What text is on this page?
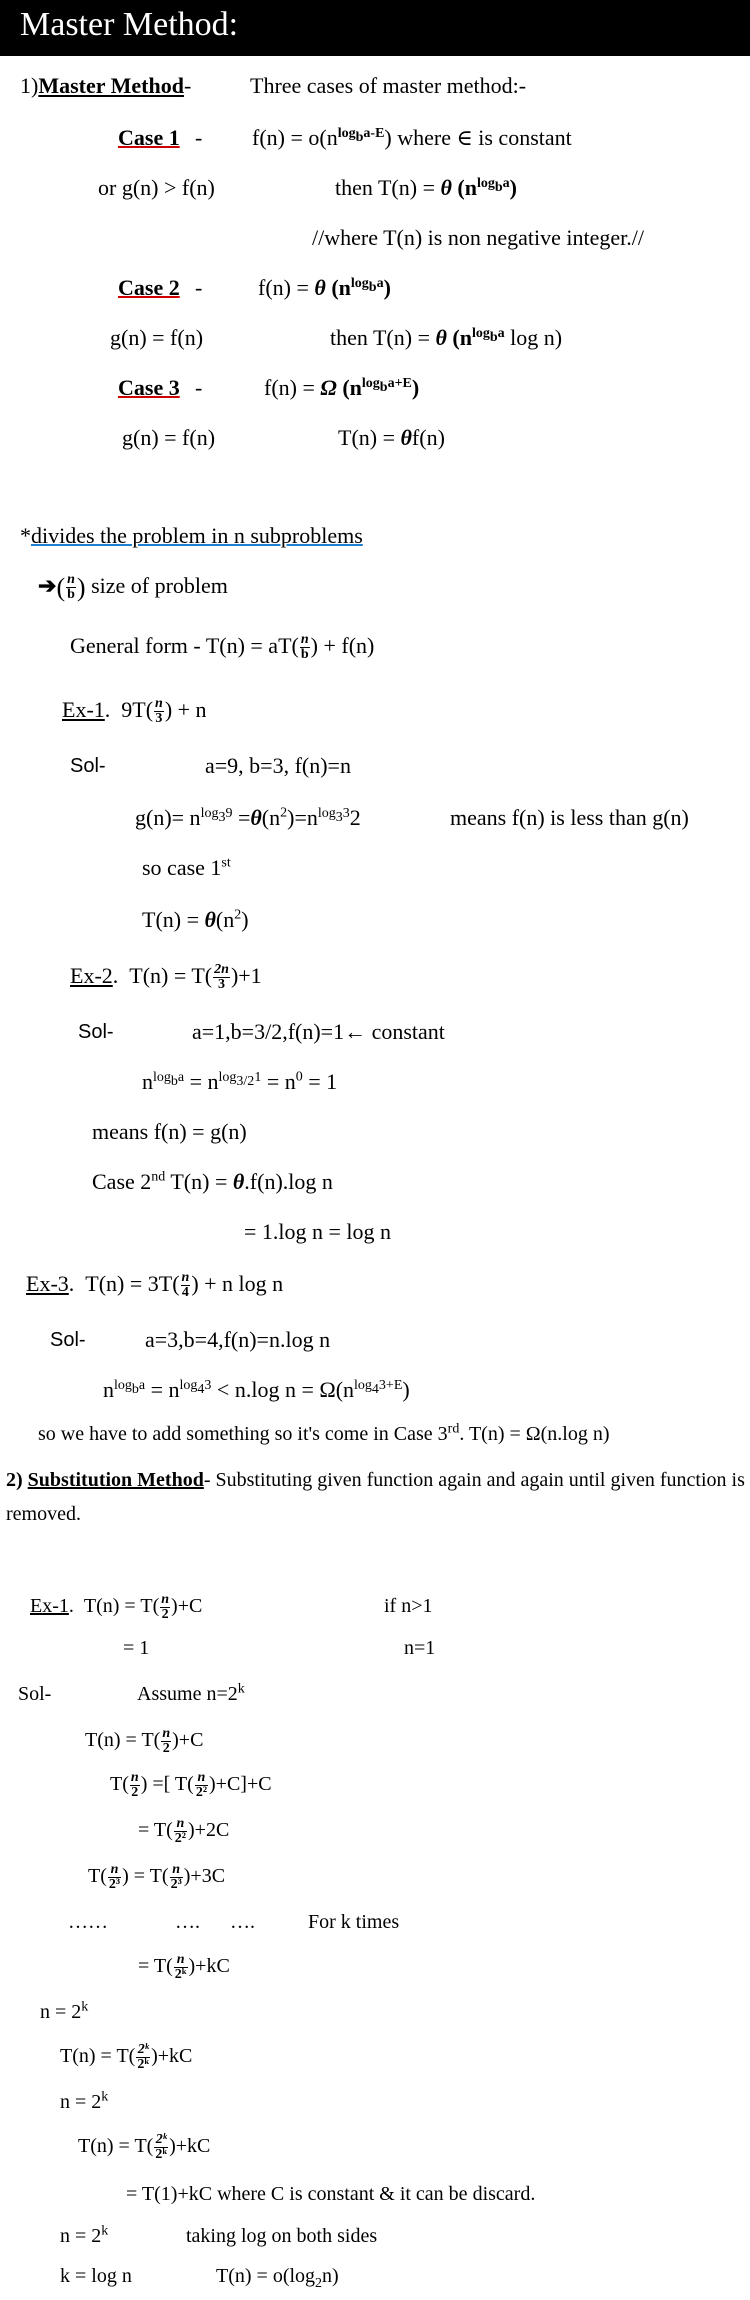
Master Method:
1)Master Method-	Three cases of master method:-
Case $1 - f(n) = o(n^{log_ba-E})$ where ∈ is constant
or g(n) > f(n)	then T(n) = θ $(n^{log_ba})$
//where T(n) is non negative integer.//
Case 2 -	f(n) = θ $(n^{log_ba})$
g(n) = f(n)	then T(n) = θ ($n^{log_ba}$ log n)
Case 3 -	f(n) = Ω $(n^{log_ba+E})$
g(n) = f(n)	T(n) = θf(n)
*divides the problem in n subproblems
➔( $\frac{n}{b}$ ) size of problem
General form - $T(n) = aT( \frac{n}{b}$ ) + f(n)
Ex-1. $9T( \frac{n}{3}$ ) + n
Sol-	a=9, b=3, f(n)=n
$g(n)= n^{log_39} =\theta(n^2)=n^{log_33}2$	means f(n) is less than g(n)
so case 1st
$T(n) = \theta(n^2)$
Ex-2. $T(n) = T( \frac{2n}{3} )+1$
Sol-	a=1,b=3/2,f(n)=1← constant
$n^{log_ba} = n^{log_{3/2}1} = n^0 = 1$
means f(n) = g(n)
Case 2nd T(n) = θ.f(n).log n
= 1.log n = log n
Ex-3. $T(n) = 3T( \frac{n}{4}$ ) + n log n
Sol-	a=3,b=4,f(n)=n.log n
$n^{log_ba} = n^{log_43} < n.\log$ $n = \Omega(n^{log_43+E})$
so we have to add something so it's come in Case 3rd. T(n) = Ω(n.log n)
2) Substitution Method- Substituting given function again and again until given function is
removed.
Ex-1. $T(n) = T( \frac{n}{2} )+C$	if n>1
= 1	n=1
Sol-	Assume $n=2^k$
$T(n) = T( \frac{n}{2} )+C$
$T( \frac{n}{2}$ ) =[ $T( \frac{n}{\text{2²}} )+C]+C$
= $T( \frac{n}{\text{2²}} )+2C$
$T( \frac{n}{\text{2³}}$ ) = $T( \frac{n}{\text{2³}} )+3C$
……	…. ….	For k times
= $T( \frac{n}{\text{2ᵏ}} )+kC$
$n = 2^k$
$T(n) = T( \frac{\text{2ᵏ}}{\text{2ᵏ}} )+kC$
$n = 2^k$
$T(n) = T( \frac{\text{2ᵏ}}{\text{2ᵏ}} )+kC$
= T(1)+kC where C is constant & it can be discard.
$n = 2^k$	taking log on both sides
k = log n	$T(n) = o(\log_2n)$
